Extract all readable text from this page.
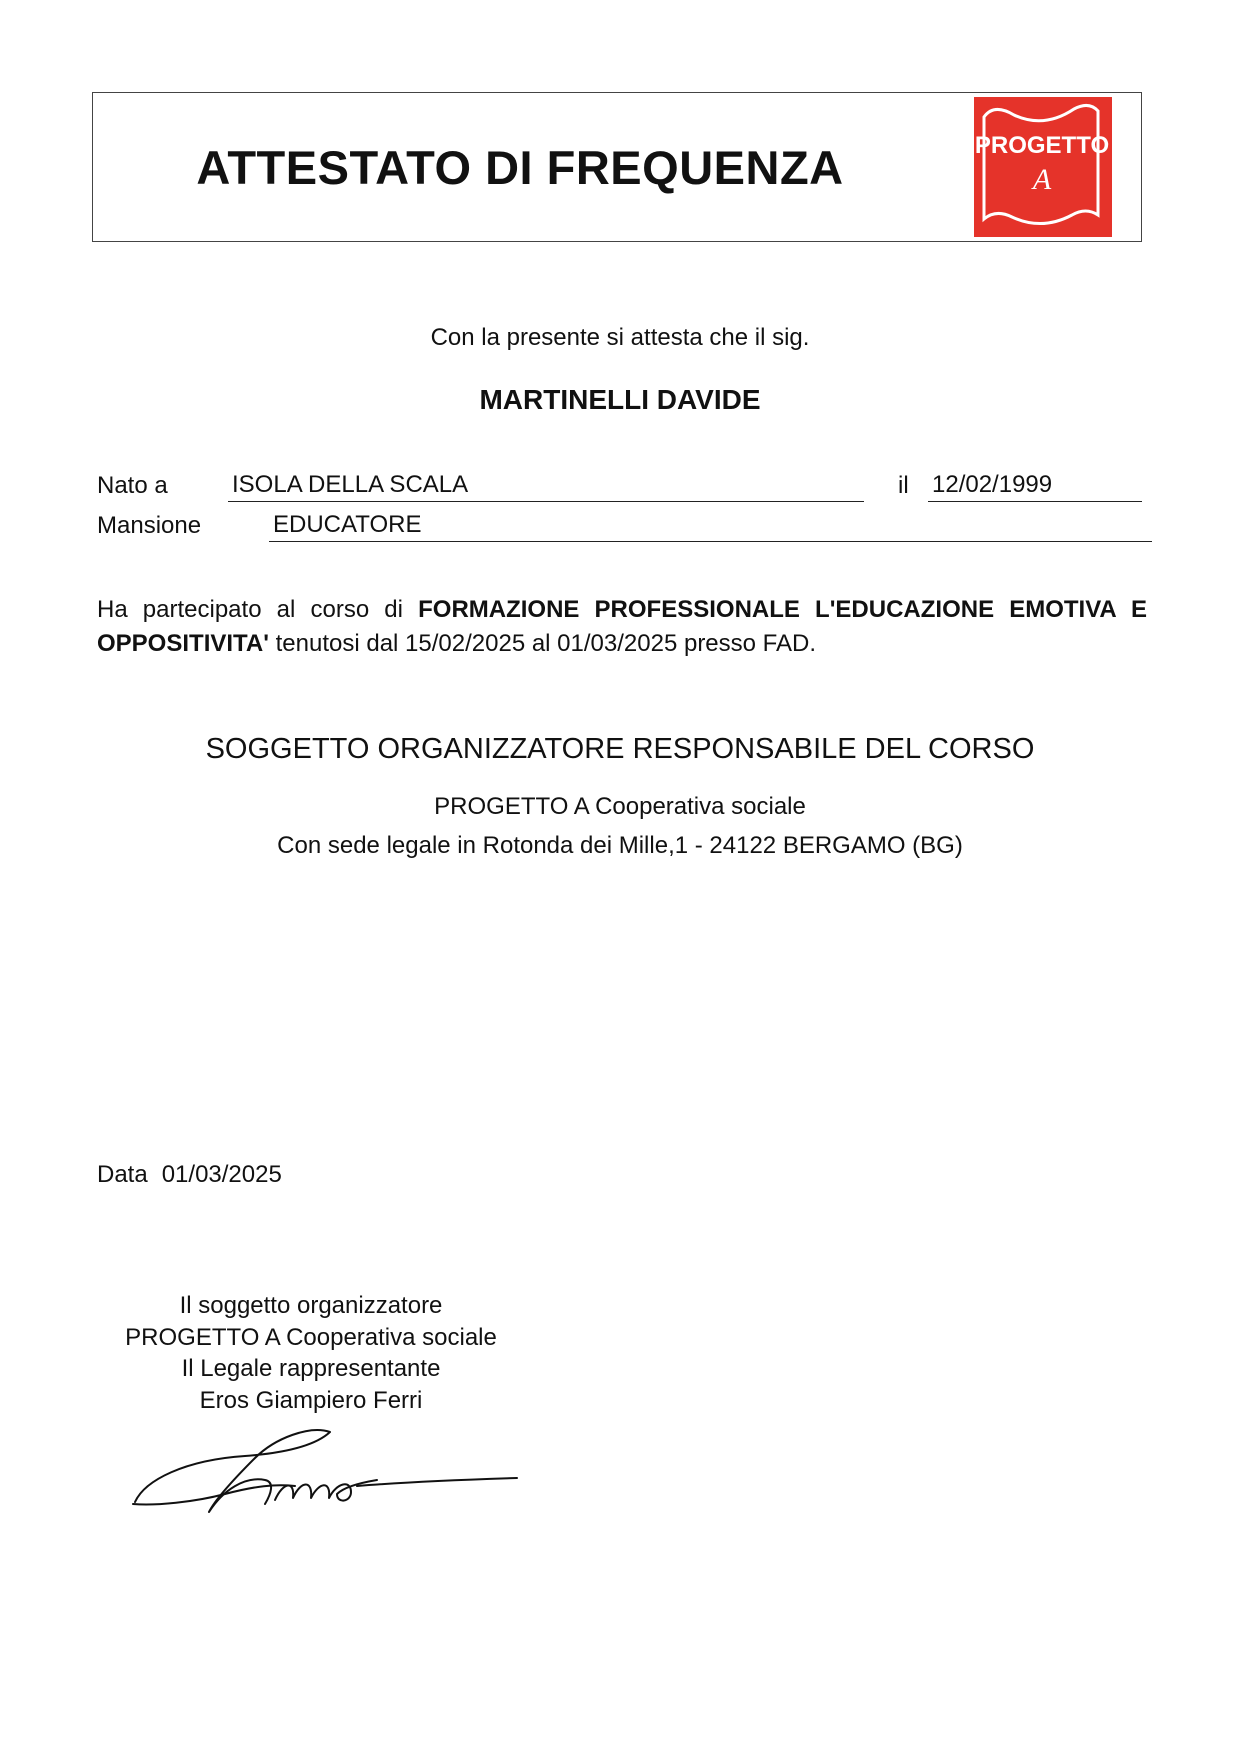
ATTESTATO DI FREQUENZA	PROGETTO
A
Con la presente si attesta che il sig.
MARTINELLI DAVIDE
Nato a	ISOLA DELLA SCALA	il 12/02/1999
Mansione	EDUCATORE
Ha partecipato al corso di FORMAZIONE PROFESSIONALE L'EDUCAZIONE EMOTIVA E OPPOSITIVITA' tenutosi dal 15/02/2025 al 01/03/2025 presso FAD.
SOGGETTO ORGANIZZATORE RESPONSABILE DEL CORSO
PROGETTO A Cooperativa sociale
Con sede legale in Rotonda dei Mille,1 - 24122 BERGAMO (BG)
Data 01/03/2025
Il soggetto organizzatore
PROGETTO A Cooperativa sociale
Il Legale rappresentante
Eros Giampiero Ferri
